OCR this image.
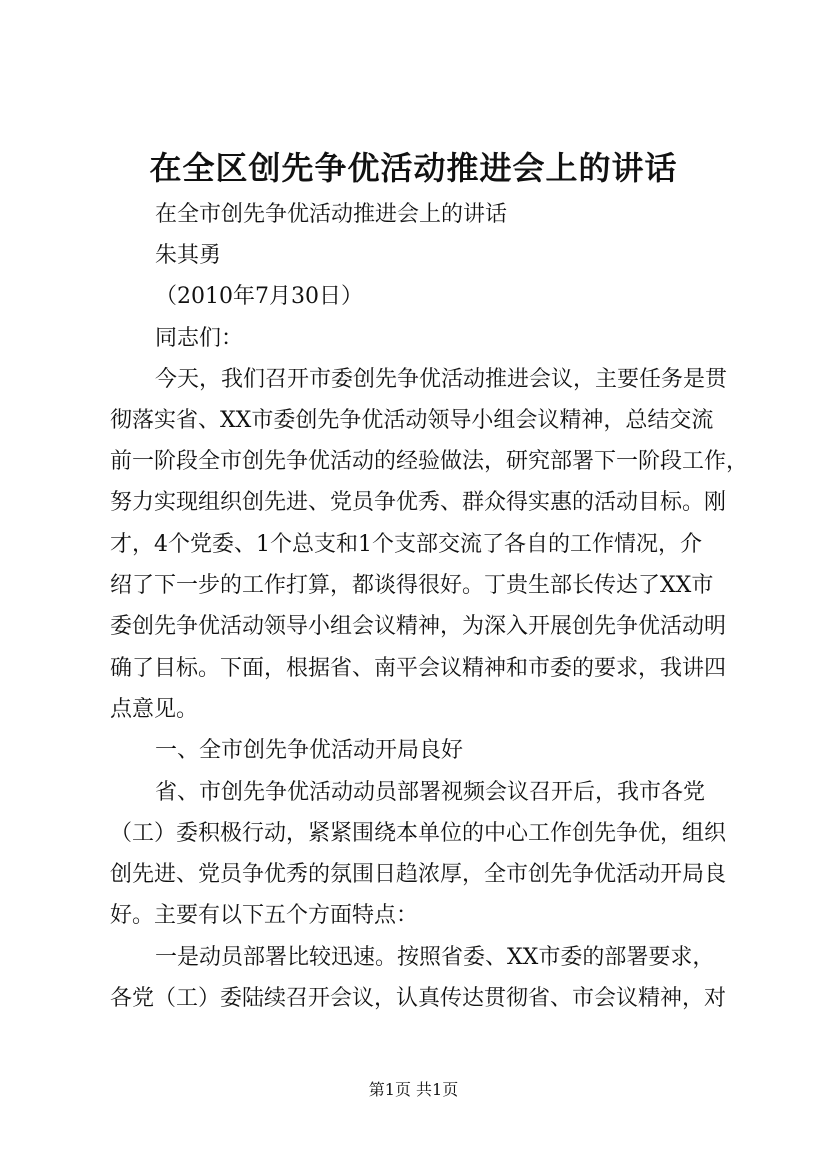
在全区创先争优活动推进会上的讲话
在全市创先争优活动推进会上的讲话
朱其勇
（2010年7月30日）
同志们：
今天，我们召开市委创先争优活动推进会议，主要任务是贯
彻落实省、XX市委创先争优活动领导小组会议精神，总结交流
前一阶段全市创先争优活动的经验做法，研究部署下一阶段工作，
努力实现组织创先进、党员争优秀、群众得实惠的活动目标。刚
才，4个党委、1个总支和1个支部交流了各自的工作情况，介
绍了下一步的工作打算，都谈得很好。丁贵生部长传达了XX市
委创先争优活动领导小组会议精神，为深入开展创先争优活动明
确了目标。下面，根据省、南平会议精神和市委的要求，我讲四
点意见。
一、全市创先争优活动开局良好
省、市创先争优活动动员部署视频会议召开后，我市各党
（工）委积极行动，紧紧围绕本单位的中心工作创先争优，组织
创先进、党员争优秀的氛围日趋浓厚，全市创先争优活动开局良
好。主要有以下五个方面特点：
一是动员部署比较迅速。按照省委、XX市委的部署要求，
各党（工）委陆续召开会议，认真传达贯彻省、市会议精神，对
第1页 共1页
